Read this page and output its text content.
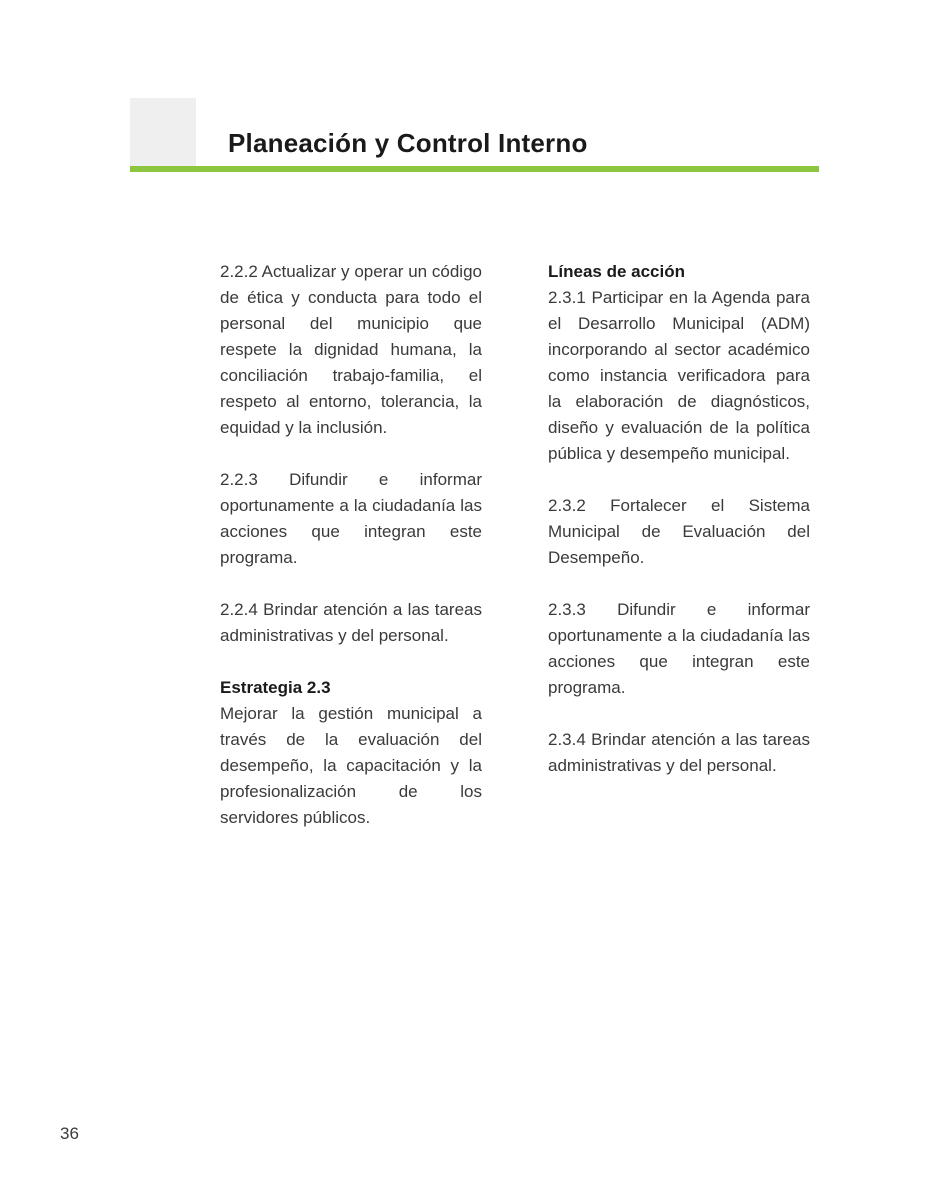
Planeación y Control Interno

2.2.2 Actualizar y operar un código de ética y conducta para todo el personal del municipio que respete la dignidad humana, la conciliación trabajo-familia, el respeto al entorno, tolerancia, la equidad y la inclusión.

2.2.3 Difundir e informar oportunamente a la ciudadanía las acciones que integran este programa.

2.2.4 Brindar atención a las tareas administrativas y del personal.

Estrategia 2.3

Mejorar la gestión municipal a través de la evaluación del desempeño, la capacitación y la profesionalización de los servidores públicos.

Líneas de acción

2.3.1 Participar en la Agenda para el Desarrollo Municipal (ADM) incorporando al sector académico como instancia verificadora para la elaboración de diagnósticos, diseño y evaluación de la política pública y desempeño municipal.

2.3.2 Fortalecer el Sistema Municipal de Evaluación del Desempeño.

2.3.3 Difundir e informar oportunamente a la ciudadanía las acciones que integran este programa.

2.3.4 Brindar atención a las tareas administrativas y del personal.

36
